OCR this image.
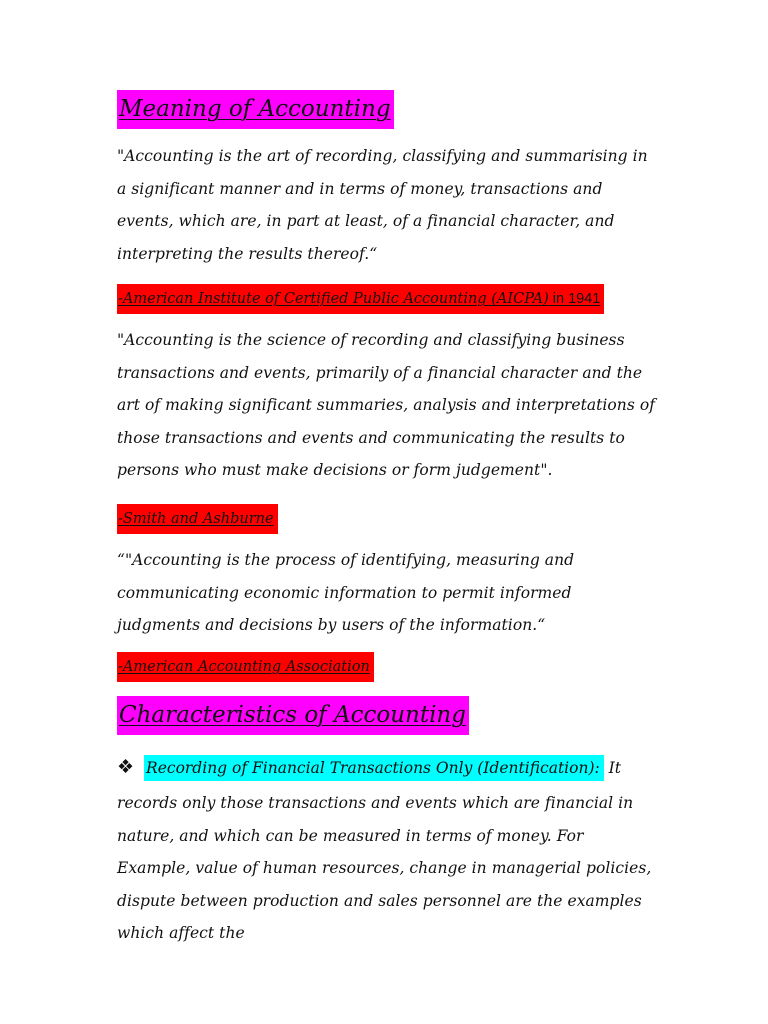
Meaning of Accounting

"Accounting is the art of recording, classifying and summarising in a significant manner and in terms of money, transactions and events, which are, in part at least, of a financial character, and interpreting the results thereof.“

-American Institute of Certified Public Accounting (AICPA) in 1941

"Accounting is the science of recording and classifying business transactions and events, primarily of a financial character and the art of making significant summaries, analysis and interpretations of those transactions and events and communicating the results to persons who must make decisions or form judgement".

-Smith and Ashburne

“"Accounting is the process of identifying, measuring and communicating economic information to permit informed judgments and decisions by users of the information.“

-American Accounting Association

Characteristics of Accounting

❖ Recording of Financial Transactions Only (Identification): It

records only those transactions and events which are financial in nature, and which can be measured in terms of money. For Example, value of human resources, change in managerial policies, dispute between production and sales personnel are the examples which affect the
